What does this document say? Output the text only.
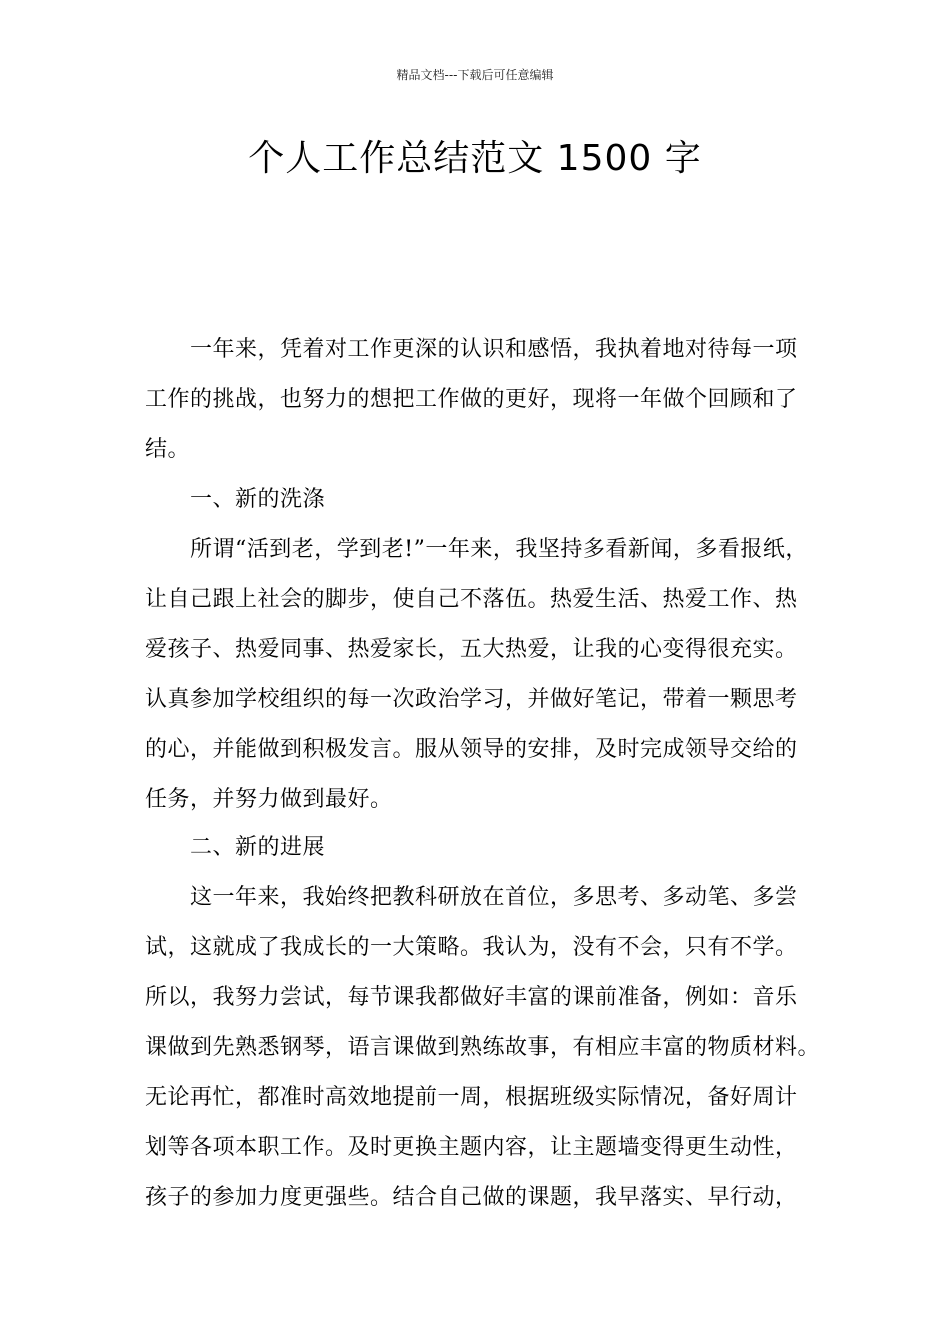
精品文档---下载后可任意编辑
个人工作总结范文 1500 字
一年来，凭着对工作更深的认识和感悟，我执着地对待每一项
工作的挑战，也努力的想把工作做的更好，现将一年做个回顾和了
结。
一、新的洗涤
所谓“活到老，学到老!”一年来，我坚持多看新闻，多看报纸，
让自己跟上社会的脚步，使自己不落伍。热爱生活、热爱工作、热
爱孩子、热爱同事、热爱家长，五大热爱，让我的心变得很充实。
认真参加学校组织的每一次政治学习，并做好笔记，带着一颗思考
的心，并能做到积极发言。服从领导的安排，及时完成领导交给的
任务，并努力做到最好。
二、新的进展
这一年来，我始终把教科研放在首位，多思考、多动笔、多尝
试，这就成了我成长的一大策略。我认为，没有不会，只有不学。
所以，我努力尝试，每节课我都做好丰富的课前准备，例如：音乐
课做到先熟悉钢琴，语言课做到熟练故事，有相应丰富的物质材料。
无论再忙，都准时高效地提前一周，根据班级实际情况，备好周计
划等各项本职工作。及时更换主题内容，让主题墙变得更生动性，
孩子的参加力度更强些。结合自己做的课题，我早落实、早行动，
